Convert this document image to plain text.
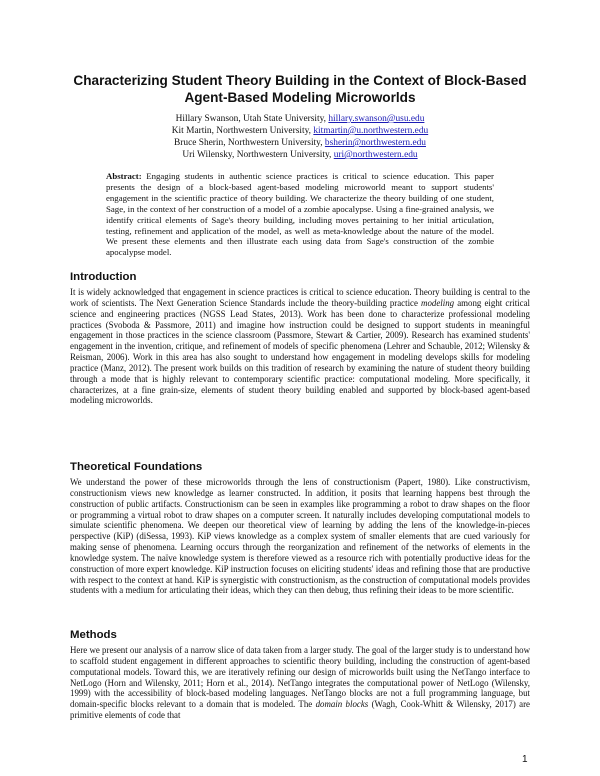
Characterizing Student Theory Building in the Context of Block-Based
Agent-Based Modeling Microworlds
Hillary Swanson, Utah State University, hillary.swanson@usu.edu
Kit Martin, Northwestern University, kitmartin@u.northwestern.edu
Bruce Sherin, Northwestern University, bsherin@northwestern.edu
Uri Wilensky, Northwestern University, uri@northwestern.edu
Abstract: Engaging students in authentic science practices is critical to science education. This paper presents the design of a block-based agent-based modeling microworld meant to support students' engagement in the scientific practice of theory building. We characterize the theory building of one student, Sage, in the context of her construction of a model of a zombie apocalypse. Using a fine-grained analysis, we identify critical elements of Sage's theory building, including moves pertaining to her initial articulation, testing, refinement and application of the model, as well as meta-knowledge about the nature of the model. We present these elements and then illustrate each using data from Sage's construction of the zombie apocalypse model.
Introduction

It is widely acknowledged that engagement in science practices is critical to science education. Theory building is central to the work of scientists. The Next Generation Science Standards include the theory-building practice modeling among eight critical science and engineering practices (NGSS Lead States, 2013). Work has been done to characterize professional modeling practices (Svoboda & Passmore, 2011) and imagine how instruction could be designed to support students in meaningful engagement in those practices in the science classroom (Passmore, Stewart & Cartier, 2009). Research has examined students' engagement in the invention, critique, and refinement of models of specific phenomena (Lehrer and Schauble, 2012; Wilensky & Reisman, 2006). Work in this area has also sought to understand how engagement in modeling develops skills for modeling practice (Manz, 2012). The present work builds on this tradition of research by examining the nature of student theory building through a mode that is highly relevant to contemporary scientific practice: computational modeling. More specifically, it characterizes, at a fine grain-size, elements of student theory building enabled and supported by block-based agent-based modeling microworlds.

Theoretical Foundations

We understand the power of these microworlds through the lens of constructionism (Papert, 1980). Like constructivism, constructionism views new knowledge as learner constructed. In addition, it posits that learning happens best through the construction of public artifacts. Constructionism can be seen in examples like programming a robot to draw shapes on the floor or programming a virtual robot to draw shapes on a computer screen. It naturally includes developing computational models to simulate scientific phenomena. We deepen our theoretical view of learning by adding the lens of the knowledge-in-pieces perspective (KiP) (diSessa, 1993). KiP views knowledge as a complex system of smaller elements that are cued variously for making sense of phenomena. Learning occurs through the reorganization and refinement of the networks of elements in the knowledge system. The naïve knowledge system is therefore viewed as a resource rich with potentially productive ideas for the construction of more expert knowledge. KiP instruction focuses on eliciting students' ideas and refining those that are productive with respect to the context at hand. KiP is synergistic with constructionism, as the construction of computational models provides students with a medium for articulating their ideas, which they can then debug, thus refining their ideas to be more scientific.

Methods

Here we present our analysis of a narrow slice of data taken from a larger study. The goal of the larger study is to understand how to scaffold student engagement in different approaches to scientific theory building, including the construction of agent-based computational models. Toward this, we are iteratively refining our design of microworlds built using the NetTango interface to NetLogo (Horn and Wilensky, 2011; Horn et al., 2014). NetTango integrates the computational power of NetLogo (Wilensky, 1999) with the accessibility of block-based modeling languages. NetTango blocks are not a full programming language, but domain-specific blocks relevant to a domain that is modeled. The domain blocks (Wagh, Cook-Whitt & Wilensky, 2017) are primitive elements of code that

1
